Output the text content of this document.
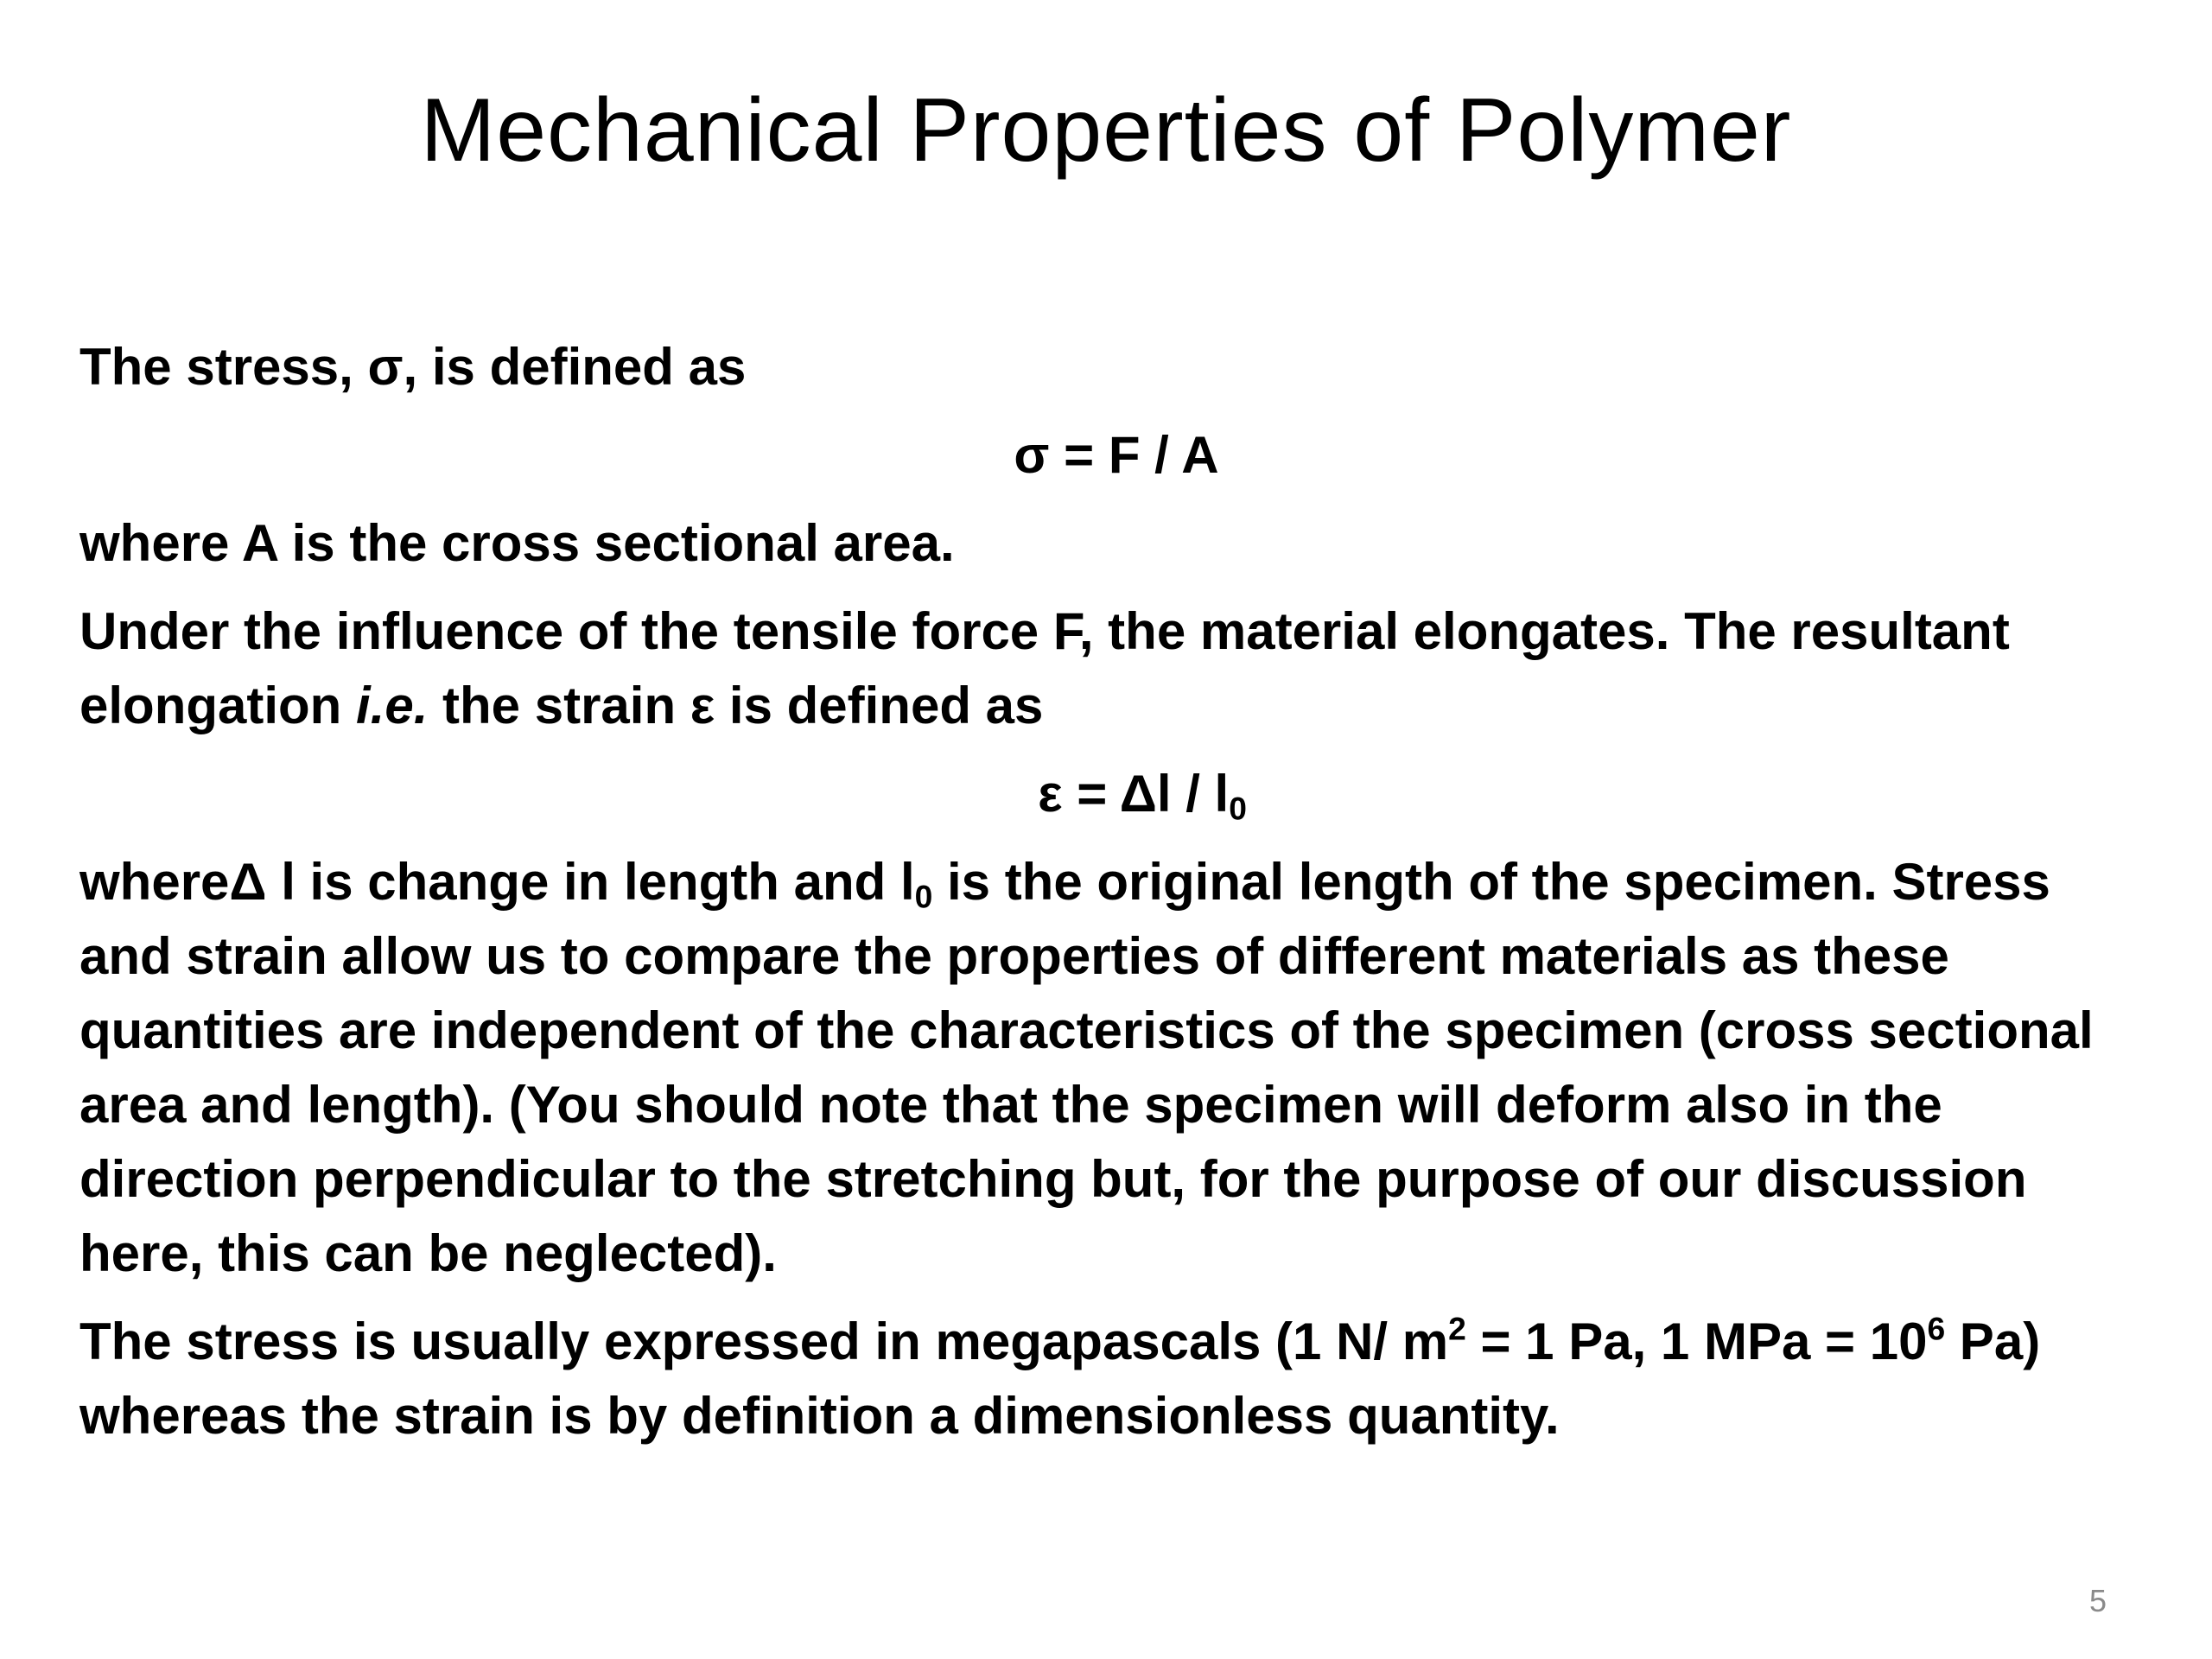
Mechanical Properties of Polymer

The stress, σ, is defined as

σ = F / A

where A is the cross sectional area.

Under the influence of the tensile force F, the material elongates. The resultant elongation i.e. the strain ε is defined as

$\varepsilon = \Delta l / l_0$

whereΔ l is change in length and $l_0$ is the original length of the specimen. Stress and strain allow us to compare the properties of different materials as these quantities are independent of the characteristics of the specimen (cross sectional area and length). (You should note that the specimen will deform also in the direction perpendicular to the stretching but, for the purpose of our discussion here, this can be neglected).

The stress is usually expressed in megapascals (1 N/ $m^2 = 1$ Pa, 1 MPa = $10^6$ Pa) whereas the strain is by definition a dimensionless quantity.

5
